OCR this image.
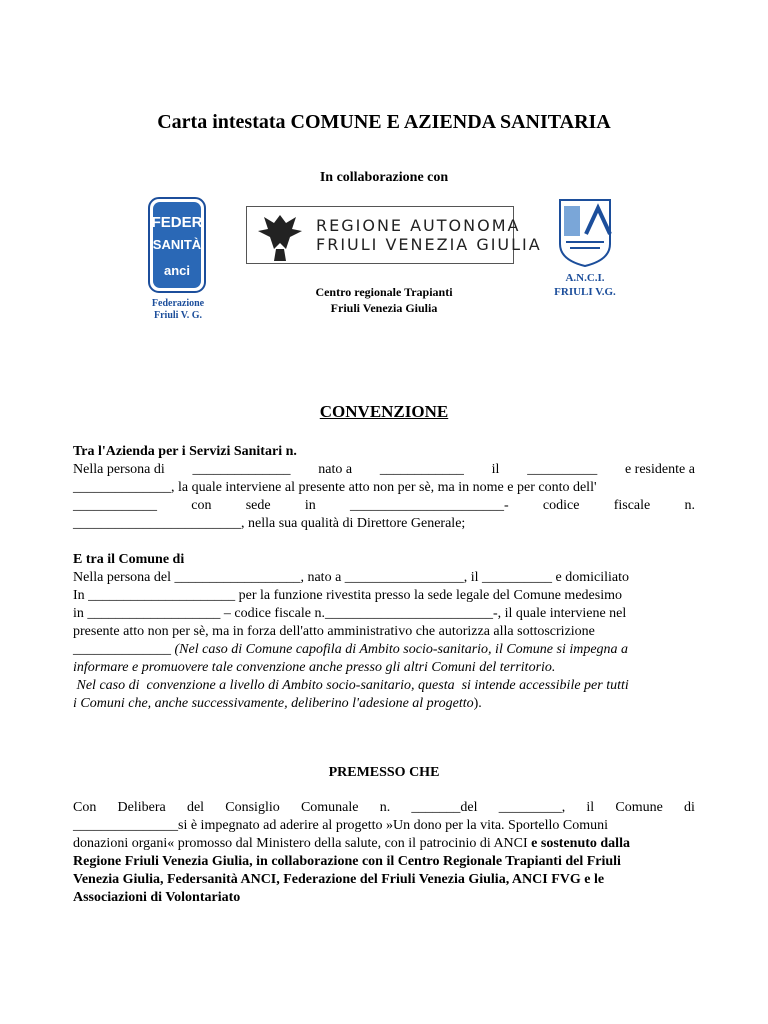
Carta intestata COMUNE E AZIENDA SANITARIA
In collaborazione con
FEDER
SANITÀ
anci
Federazione
Friuli V. G.
REGIONE AUTONOMA
FRIULI VENEZIA GIULIA
Centro regionale Trapianti
Friuli Venezia Giulia
A.N.C.I.
FRIULI V.G.
CONVENZIONE

Tra l'Azienda per i Servizi Sanitari n.

Nella persona di ______________ nato a ____________ il __________ e residente a

______________, la quale interviene al presente atto non per sè, ma in nome e per conto dell'

____________ con sede in ______________________- codice fiscale n.

________________________, nella sua qualità di Direttore Generale;

E tra il Comune di

Nella persona del __________________, nato a _________________, il __________ e domiciliato

In _____________________ per la funzione rivestita presso la sede legale del Comune medesimo

in ___________________ – codice fiscale n.________________________-, il quale interviene nel

presente atto non per sè, ma in forza dell'atto amministrativo che autorizza alla sottoscrizione

______________ (Nel caso di Comune capofila di Ambito socio-sanitario, il Comune si impegna a

informare e promuovere tale convenzione anche presso gli altri Comuni del territorio.

Nel caso di  convenzione a livello di Ambito socio-sanitario, questa  si intende accessibile per tutti

i Comuni che, anche successivamente, deliberino l'adesione al progetto).

PREMESSO CHE
Con Delibera del Consiglio Comunale n. _______del _________, il Comune di

_______________si è impegnato ad aderire al progetto »Un dono per la vita. Sportello Comuni

donazioni organi« promosso dal Ministero della salute, con il patrocinio di ANCI e sostenuto dalla

Regione Friuli Venezia Giulia, in collaborazione con il Centro Regionale Trapianti del Friuli

Venezia Giulia, Federsanità ANCI, Federazione del Friuli Venezia Giulia, ANCI FVG e le

Associazioni di Volontariato
